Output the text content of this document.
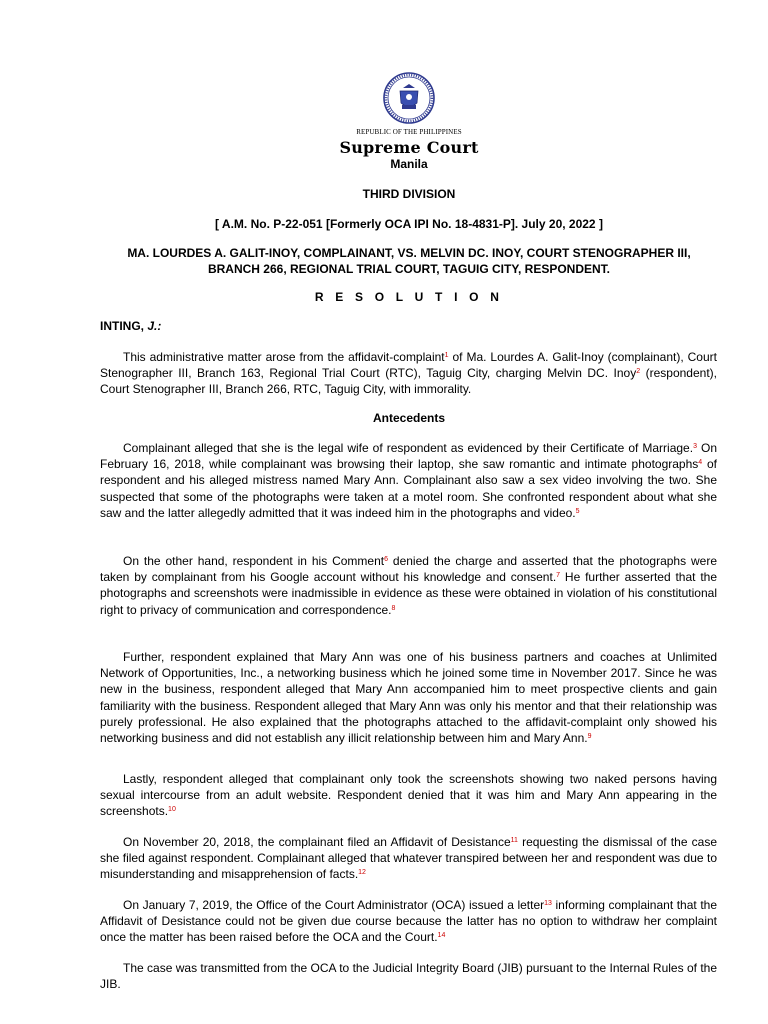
REPUBLIC OF THE PHILIPPINES
Supreme Court
Manila
THIRD DIVISION
[ A.M. No. P-22-051 [Formerly OCA IPI No. 18-4831-P]. July 20, 2022 ]
MA. LOURDES A. GALIT-INOY, COMPLAINANT, VS. MELVIN DC. INOY, COURT STENOGRAPHER III, BRANCH 266, REGIONAL TRIAL COURT, TAGUIG CITY, RESPONDENT.
R E S O L U T I O N
INTING, J.:

This administrative matter arose from the affidavit-complaint$^1$ of Ma. Lourdes A. Galit-Inoy (complainant), Court Stenographer III, Branch 163, Regional Trial Court (RTC), Taguig City, charging Melvin DC. Inoy$^2$ (respondent), Court Stenographer III, Branch 266, RTC, Taguig City, with immorality.

Antecedents

Complainant alleged that she is the legal wife of respondent as evidenced by their Certificate of Marriage.$^3$ On February 16, 2018, while complainant was browsing their laptop, she saw romantic and intimate photographs$^4$ of respondent and his alleged mistress named Mary Ann. Complainant also saw a sex video involving the two. She suspected that some of the photographs were taken at a motel room. She confronted respondent about what she saw and the latter allegedly admitted that it was indeed him in the photographs and video.$^5$

On the other hand, respondent in his Comment$^6$ denied the charge and asserted that the photographs were taken by complainant from his Google account without his knowledge and consent.$^7$ He further asserted that the photographs and screenshots were inadmissible in evidence as these were obtained in violation of his constitutional right to privacy of communication and correspondence.$^8$

Further, respondent explained that Mary Ann was one of his business partners and coaches at Unlimited Network of Opportunities, Inc., a networking business which he joined some time in November 2017. Since he was new in the business, respondent alleged that Mary Ann accompanied him to meet prospective clients and gain familiarity with the business. Respondent alleged that Mary Ann was only his mentor and that their relationship was purely professional. He also explained that the photographs attached to the affidavit-complaint only showed his networking business and did not establish any illicit relationship between him and Mary Ann.$^9$

Lastly, respondent alleged that complainant only took the screenshots showing two naked persons having sexual intercourse from an adult website. Respondent denied that it was him and Mary Ann appearing in the screenshots.$^{10}$

On November 20, 2018, the complainant filed an Affidavit of Desistance$^{11}$ requesting the dismissal of the case she filed against respondent. Complainant alleged that whatever transpired between her and respondent was due to misunderstanding and misapprehension of facts.$^{12}$

On January 7, 2019, the Office of the Court Administrator (OCA) issued a letter$^{13}$ informing complainant that the Affidavit of Desistance could not be given due course because the latter has no option to withdraw her complaint once the matter has been raised before the OCA and the Court.$^{14}$

The case was transmitted from the OCA to the Judicial Integrity Board (JIB) pursuant to the Internal Rules of the JIB.
